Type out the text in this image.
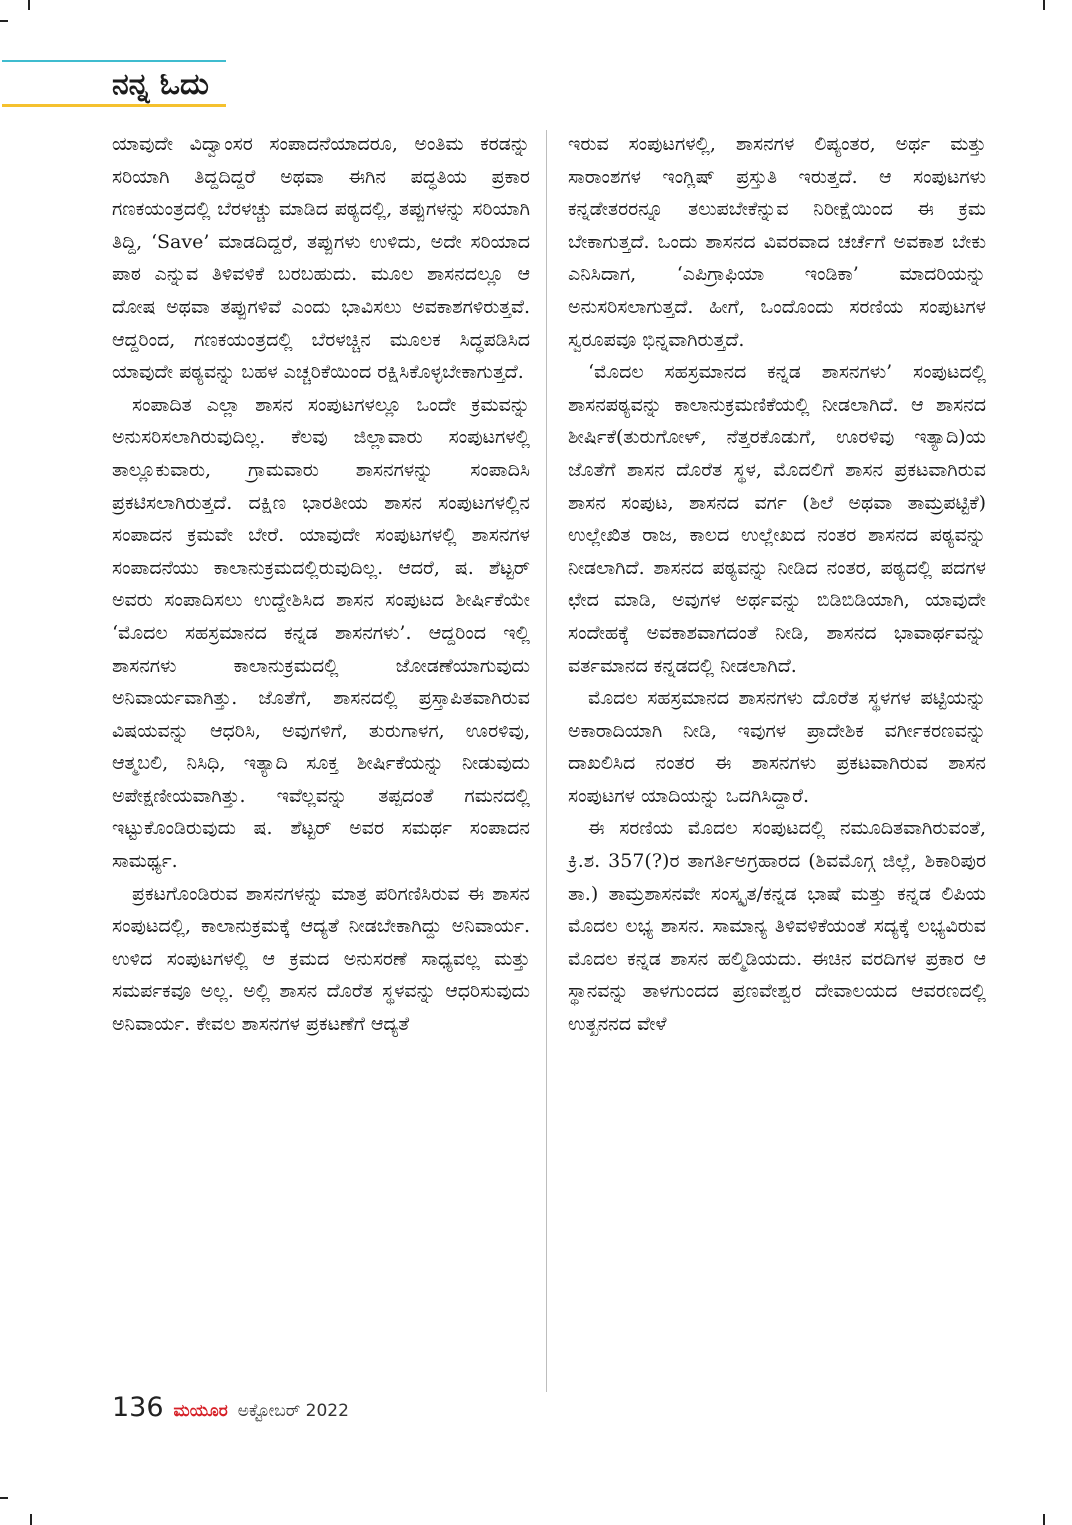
ನನ್ನ ಓದು

ಯಾವುದೇ ವಿದ್ವಾಂಸರ ಸಂಪಾದನೆಯಾದರೂ, ಅಂತಿಮ ಕರಡನ್ನು ಸರಿಯಾಗಿ ತಿದ್ದದಿದ್ದರೆ ಅಥವಾ ಈಗಿನ ಪದ್ಧತಿಯ ಪ್ರಕಾರ ಗಣಕಯಂತ್ರದಲ್ಲಿ ಬೆರಳಚ್ಚು ಮಾಡಿದ ಪಠ್ಯದಲ್ಲಿ, ತಪ್ಪುಗಳನ್ನು ಸರಿಯಾಗಿ ತಿದ್ದಿ, ‘Save’ ಮಾಡದಿದ್ದರೆ, ತಪ್ಪುಗಳು ಉಳಿದು, ಅದೇ ಸರಿಯಾದ ಪಾಠ ಎನ್ನುವ ತಿಳಿವಳಿಕೆ ಬರಬಹುದು. ಮೂಲ ಶಾಸನದಲ್ಲೂ ಆ ದೋಷ ಅಥವಾ ತಪ್ಪುಗಳಿವೆ ಎಂದು ಭಾವಿಸಲು ಅವಕಾಶಗಳಿರುತ್ತವೆ. ಆದ್ದರಿಂದ, ಗಣಕಯಂತ್ರದಲ್ಲಿ ಬೆರಳಚ್ಚಿನ ಮೂಲಕ ಸಿದ್ಧಪಡಿಸಿದ ಯಾವುದೇ ಪಠ್ಯವನ್ನು ಬಹಳ ಎಚ್ಚರಿಕೆಯಿಂದ ರಕ್ಷಿಸಿಕೊಳ್ಳಬೇಕಾಗುತ್ತದೆ.

ಸಂಪಾದಿತ ಎಲ್ಲಾ ಶಾಸನ ಸಂಪುಟಗಳಲ್ಲೂ ಒಂದೇ ಕ್ರಮವನ್ನು ಅನುಸರಿಸಲಾಗಿರುವುದಿಲ್ಲ. ಕೆಲವು ಜಿಲ್ಲಾವಾರು ಸಂಪುಟಗಳಲ್ಲಿ ತಾಲ್ಲೂಕುವಾರು, ಗ್ರಾಮವಾರು ಶಾಸನಗಳನ್ನು ಸಂಪಾದಿಸಿ ಪ್ರಕಟಿಸಲಾಗಿರುತ್ತದೆ. ದಕ್ಷಿಣ ಭಾರತೀಯ ಶಾಸನ ಸಂಪುಟಗಳಲ್ಲಿನ ಸಂಪಾದನ ಕ್ರಮವೇ ಬೇರೆ. ಯಾವುದೇ ಸಂಪುಟಗಳಲ್ಲಿ ಶಾಸನಗಳ ಸಂಪಾದನೆಯು ಕಾಲಾನುಕ್ರಮದಲ್ಲಿರುವುದಿಲ್ಲ. ಆದರೆ, ಷ. ಶೆಟ್ಟರ್ ಅವರು ಸಂಪಾದಿಸಲು ಉದ್ದೇಶಿಸಿದ ಶಾಸನ ಸಂಪುಟದ ಶೀರ್ಷಿಕೆಯೇ ‘ಮೊದಲ ಸಹಸ್ರಮಾನದ ಕನ್ನಡ ಶಾಸನಗಳು’. ಆದ್ದರಿಂದ ಇಲ್ಲಿ ಶಾಸನಗಳು ಕಾಲಾನುಕ್ರಮದಲ್ಲಿ ಜೋಡಣೆಯಾಗುವುದು ಅನಿವಾರ್ಯವಾಗಿತ್ತು. ಜೊತೆಗೆ, ಶಾಸನದಲ್ಲಿ ಪ್ರಸ್ತಾಪಿತವಾಗಿರುವ ವಿಷಯವನ್ನು ಆಧರಿಸಿ, ಅವುಗಳಿಗೆ, ತುರುಗಾಳಗ, ಊರಳಿವು, ಆತ್ಮಬಲಿ, ನಿಸಿಧಿ, ಇತ್ಯಾದಿ ಸೂಕ್ತ ಶೀರ್ಷಿಕೆಯನ್ನು ನೀಡುವುದು ಅಪೇಕ್ಷಣೀಯವಾಗಿತ್ತು. ಇವೆಲ್ಲವನ್ನು ತಪ್ಪದಂತೆ ಗಮನದಲ್ಲಿ ಇಟ್ಟುಕೊಂಡಿರುವುದು ಷ. ಶೆಟ್ಟರ್ ಅವರ ಸಮರ್ಥ ಸಂಪಾದನ ಸಾಮರ್ಥ್ಯ.

ಪ್ರಕಟಗೊಂಡಿರುವ ಶಾಸನಗಳನ್ನು ಮಾತ್ರ ಪರಿಗಣಿಸಿರುವ ಈ ಶಾಸನ ಸಂಪುಟದಲ್ಲಿ, ಕಾಲಾನುಕ್ರಮಕ್ಕೆ ಆದ್ಯತೆ ನೀಡಬೇಕಾಗಿದ್ದು ಅನಿವಾರ್ಯ. ಉಳಿದ ಸಂಪುಟಗಳಲ್ಲಿ ಆ ಕ್ರಮದ ಅನುಸರಣೆ ಸಾಧ್ಯವಲ್ಲ ಮತ್ತು ಸಮರ್ಪಕವೂ ಅಲ್ಲ. ಅಲ್ಲಿ ಶಾಸನ ದೊರೆತ ಸ್ಥಳವನ್ನು ಆಧರಿಸುವುದು ಅನಿವಾರ್ಯ. ಕೇವಲ ಶಾಸನಗಳ ಪ್ರಕಟಣೆಗೆ ಆದ್ಯತೆ

ಇರುವ ಸಂಪುಟಗಳಲ್ಲಿ, ಶಾಸನಗಳ ಲಿಪ್ಯಂತರ, ಅರ್ಥ ಮತ್ತು ಸಾರಾಂಶಗಳ ಇಂಗ್ಲಿಷ್ ಪ್ರಸ್ತುತಿ ಇರುತ್ತದೆ. ಆ ಸಂಪುಟಗಳು ಕನ್ನಡೇತರರನ್ನೂ ತಲುಪಬೇಕೆನ್ನುವ ನಿರೀಕ್ಷೆಯಿಂದ ಈ ಕ್ರಮ ಬೇಕಾಗುತ್ತದೆ. ಒಂದು ಶಾಸನದ ವಿವರವಾದ ಚರ್ಚೆಗೆ ಅವಕಾಶ ಬೇಕು ಎನಿಸಿದಾಗ, ‘ಎಪಿಗ್ರಾಫಿಯಾ ಇಂಡಿಕಾ’ ಮಾದರಿಯನ್ನು ಅನುಸರಿಸಲಾಗುತ್ತದೆ. ಹೀಗೆ, ಒಂದೊಂದು ಸರಣಿಯ ಸಂಪುಟಗಳ ಸ್ವರೂಪವೂ ಭಿನ್ನವಾಗಿರುತ್ತದೆ.

‘ಮೊದಲ ಸಹಸ್ರಮಾನದ ಕನ್ನಡ ಶಾಸನಗಳು’ ಸಂಪುಟದಲ್ಲಿ ಶಾಸನಪಠ್ಯವನ್ನು ಕಾಲಾನುಕ್ರಮಣಿಕೆಯಲ್ಲಿ ನೀಡಲಾಗಿದೆ. ಆ ಶಾಸನದ ಶೀರ್ಷಿಕೆ(ತುರುಗೋಳ್, ನೆತ್ತರಕೊಡುಗೆ, ಊರಳಿವು ಇತ್ಯಾದಿ)ಯ ಜೊತೆಗೆ ಶಾಸನ ದೊರೆತ ಸ್ಥಳ, ಮೊದಲಿಗೆ ಶಾಸನ ಪ್ರಕಟವಾಗಿರುವ ಶಾಸನ ಸಂಪುಟ, ಶಾಸನದ ವರ್ಗ (ಶಿಲೆ ಅಥವಾ ತಾಮ್ರಪಟ್ಟಿಕೆ) ಉಲ್ಲೇಖಿತ ರಾಜ, ಕಾಲದ ಉಲ್ಲೇಖದ ನಂತರ ಶಾಸನದ ಪಠ್ಯವನ್ನು ನೀಡಲಾಗಿದೆ. ಶಾಸನದ ಪಠ್ಯವನ್ನು ನೀಡಿದ ನಂತರ, ಪಠ್ಯದಲ್ಲಿ ಪದಗಳ ಛೇದ ಮಾಡಿ, ಅವುಗಳ ಅರ್ಥವನ್ನು ಬಿಡಿಬಿಡಿಯಾಗಿ, ಯಾವುದೇ ಸಂದೇಹಕ್ಕೆ ಅವಕಾಶವಾಗದಂತೆ ನೀಡಿ, ಶಾಸನದ ಭಾವಾರ್ಥವನ್ನು ವರ್ತಮಾನದ ಕನ್ನಡದಲ್ಲಿ ನೀಡಲಾಗಿದೆ.

ಮೊದಲ ಸಹಸ್ರಮಾನದ ಶಾಸನಗಳು ದೊರೆತ ಸ್ಥಳಗಳ ಪಟ್ಟಿಯನ್ನು ಅಕಾರಾದಿಯಾಗಿ ನೀಡಿ, ಇವುಗಳ ಪ್ರಾದೇಶಿಕ ವರ್ಗೀಕರಣವನ್ನು ದಾಖಲಿಸಿದ ನಂತರ ಈ ಶಾಸನಗಳು ಪ್ರಕಟವಾಗಿರುವ ಶಾಸನ ಸಂಪುಟಗಳ ಯಾದಿಯನ್ನು ಒದಗಿಸಿದ್ದಾರೆ.

ಈ ಸರಣಿಯ ಮೊದಲ ಸಂಪುಟದಲ್ಲಿ ನಮೂದಿತವಾಗಿರುವಂತೆ, ಕ್ರಿ.ಶ. 357(?)ರ ತಾಗರ್ತಿಅಗ್ರಹಾರದ (ಶಿವಮೊಗ್ಗ ಜಿಲ್ಲೆ, ಶಿಕಾರಿಪುರ ತಾ.) ತಾಮ್ರಶಾಸನವೇ ಸಂಸ್ಕೃತ/ಕನ್ನಡ ಭಾಷೆ ಮತ್ತು ಕನ್ನಡ ಲಿಪಿಯ ಮೊದಲ ಲಭ್ಯ ಶಾಸನ. ಸಾಮಾನ್ಯ ತಿಳಿವಳಿಕೆಯಂತೆ ಸದ್ಯಕ್ಕೆ ಲಭ್ಯವಿರುವ ಮೊದಲ ಕನ್ನಡ ಶಾಸನ ಹಲ್ಮಿಡಿಯದು. ಈಚಿನ ವರದಿಗಳ ಪ್ರಕಾರ ಆ ಸ್ಥಾನವನ್ನು ತಾಳಗುಂದದ ಪ್ರಣವೇಶ್ವರ ದೇವಾಲಯದ ಆವರಣದಲ್ಲಿ ಉತ್ಖನನದ ವೇಳೆ

136 ಮಯೂರ ಅಕ್ಟೋಬರ್ 2022
